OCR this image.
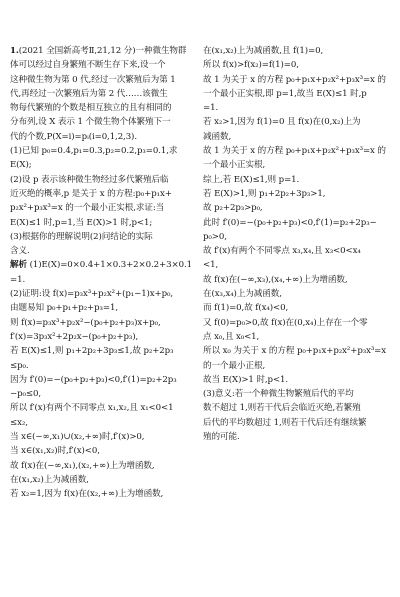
1.(2021 全国新高考Ⅱ,21,12 分)一种微生物群

体可以经过自身繁殖不断生存下来,设一个

这种微生物为第 0 代,经过一次繁殖后为第 1

代,再经过一次繁殖后为第 2 代……该微生

物每代繁殖的个数是相互独立的且有相同的

分布列,设 X 表示 1 个微生物个体繁殖下一

代的个数,P(X=i)=pᵢ(i=0,1,2,3).

(1)已知 p₀=0.4,p₁=0.3,p₂=0.2,p₃=0.1,求

E(X);

(2)设 p 表示该种微生物经过多代繁殖后临

近灭绝的概率,p 是关于 x 的方程:p₀+p₁x+

p₂x²+p₃x³=x 的一个最小正实根,求证:当

E(X)≤1 时,p=1,当 E(X)>1 时,p<1;

(3)根据你的理解说明(2)问结论的实际

含义.

解析 (1)E(X)=0×0.4+1×0.3+2×0.2+3×0.1

=1.

(2)证明:设 f(x)=p₃x³+p₂x²+(p₁−1)x+p₀,

由题易知 p₀+p₁+p₂+p₃=1,

则 f(x)=p₃x³+p₂x²−(p₀+p₂+p₃)x+p₀,

f′(x)=3p₃x²+2p₂x−(p₀+p₂+p₃),

若 E(X)≤1,则 p₁+2p₂+3p₃≤1,故 p₂+2p₃

≤p₀.

因为 f′(0)=−(p₀+p₂+p₃)<0,f′(1)=p₂+2p₃

−p₀≤0,

所以 f′(x)有两个不同零点 x₁,x₂,且 x₁<0<1

≤x₂,

当 x∈(−∞,x₁)∪(x₂,+∞)时,f′(x)>0,

当 x∈(x₁,x₂)时,f′(x)<0,

故 f(x)在(−∞,x₁),(x₂,+∞)上为增函数,

在(x₁,x₂)上为减函数,

若 x₂=1,因为 f(x)在(x₂,+∞)上为增函数,

在(x₁,x₂)上为减函数,且 f(1)=0,

所以 f(x)>f(x₂)=f(1)=0,

故 1 为关于 x 的方程 p₀+p₁x+p₂x²+p₃x³=x 的

一个最小正实根,即 p=1,故当 E(X)≤1 时,p

=1.

若 x₂>1,因为 f(1)=0 且 f(x)在(0,x₂)上为

减函数,

故 1 为关于 x 的方程 p₀+p₁x+p₂x²+p₃x³=x 的

一个最小正实根,

综上,若 E(X)≤1,则 p=1.

若 E(X)>1,则 p₁+2p₂+3p₃>1,

故 p₂+2p₃>p₀,

此时 f′(0)=−(p₀+p₂+p₃)<0,f′(1)=p₂+2p₃−

p₀>0,

故 f′(x)有两个不同零点 x₃,x₄,且 x₃<0<x₄

<1,

故 f(x)在(−∞,x₃),(x₄,+∞)上为增函数,

在(x₃,x₄)上为减函数,

而 f(1)=0,故 f(x₄)<0,

又 f(0)=p₀>0,故 f(x)在(0,x₄)上存在一个零

点 x₀,且 x₀<1,

所以 x₀ 为关于 x 的方程 p₀+p₁x+p₂x²+p₃x³=x

的一个最小正根,

故当 E(X)>1 时,p<1.

(3)意义:若一个种微生物繁殖后代的平均

数不超过 1,则若干代后会临近灭绝,若繁殖

后代的平均数超过 1,则若干代后还有继续繁

殖的可能.
